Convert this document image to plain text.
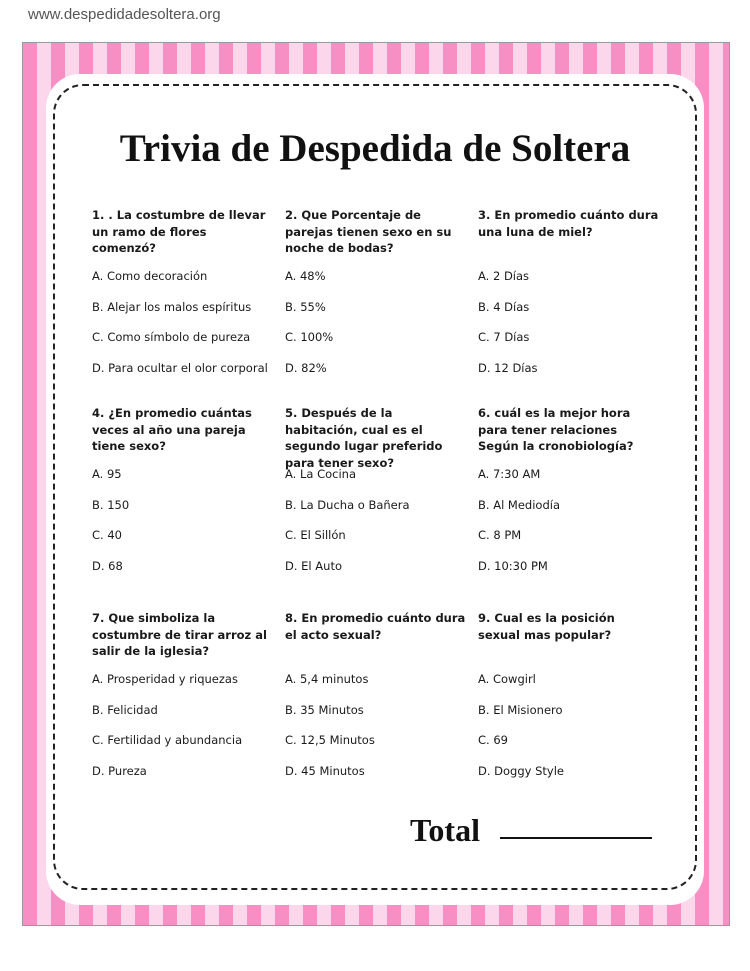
www.despedidadesoltera.org
Trivia de Despedida de Soltera

1. . La costumbre de llevar un ramo de flores comenzó?

A. Como decoración

B. Alejar los malos espíritus

C. Como símbolo de pureza

D. Para ocultar el olor corporal

2. Que Porcentaje de parejas tienen sexo en su noche de bodas?

A. 48%

B. 55%

C. 100%

D. 82%

3. En promedio cuánto dura una luna de miel?

A. 2 Días

B. 4 Días

C. 7 Días

D. 12 Días

4. ¿En promedio cuántas veces al año una pareja tiene sexo?

A. 95

B. 150

C. 40

D. 68

5. Después de la habitación, cual es el segundo lugar preferido para tener sexo?

A. La Cocina

B. La Ducha o Bañera

C. El Sillón

D. El Auto

6. cuál es la mejor hora para tener relaciones Según la cronobiología?

A. 7:30 AM

B. Al Mediodía

C. 8 PM

D. 10:30 PM

7. Que simboliza la costumbre de tirar arroz al salir de la iglesia?

A. Prosperidad y riquezas

B. Felicidad

C. Fertilidad y abundancia

D. Pureza

8. En promedio cuánto dura el acto sexual?

A. 5,4 minutos

B. 35 Minutos

C. 12,5 Minutos

D. 45 Minutos

9. Cual es la posición sexual mas popular?

A. Cowgirl

B. El Misionero

C. 69

D. Doggy Style

Total
